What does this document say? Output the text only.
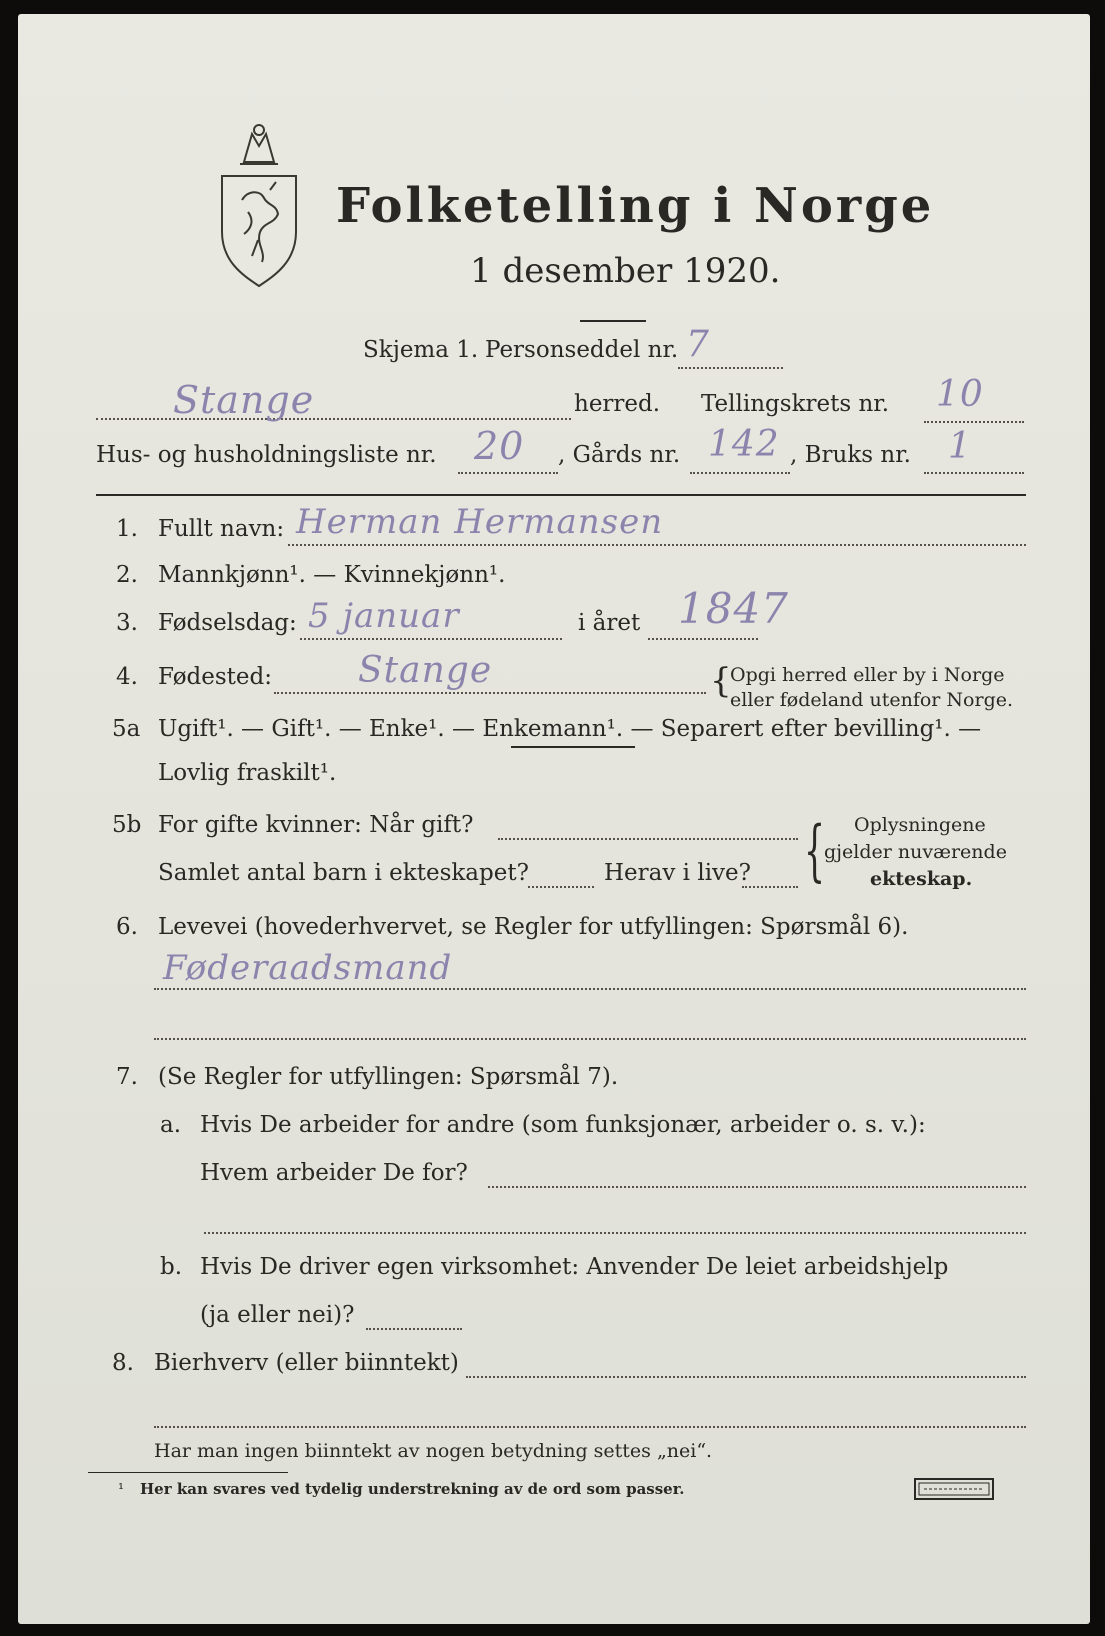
Folketelling i Norge
1 desember 1920.
Skjema 1. Personseddel nr. 7
Stange	herred. Tellingskrets nr. 10
Hus- og husholdningsliste nr. 20 , Gårds nr. 142 , Bruks nr. 1
1. Fullt navn: Herman Hermansen
2. Mannkjønn¹. — Kvinnekjønn¹.
3. Fødselsdag: 5 januar	i året 1847
4. Fødested: Stange	{
Opgi herred eller by i Norge
eller fødeland utenfor Norge.
5a Ugift¹. — Gift¹. — Enke¹. — Enkemann¹. — Separert efter bevilling¹. —
Lovlig fraskilt¹.
5b For gifte kvinner: Når gift?
Samlet antal barn i ekteskapet?	Herav i live? { Oplysningene
gjelder nuværende
ekteskap.
6. Levevei (hovederhvervet, se Regler for utfyllingen: Spørsmål 6).
Føderaadsmand
7. (Se Regler for utfyllingen: Spørsmål 7).
a. Hvis De arbeider for andre (som funksjonær, arbeider o. s. v.):
Hvem arbeider De for?
b. Hvis De driver egen virksomhet: Anvender De leiet arbeidshjelp
(ja eller nei)?
8. Bierhverv (eller biinntekt)
Har man ingen biinntekt av nogen betydning settes „nei“.
¹ Her kan svares ved tydelig understrekning av de ord som passer.
